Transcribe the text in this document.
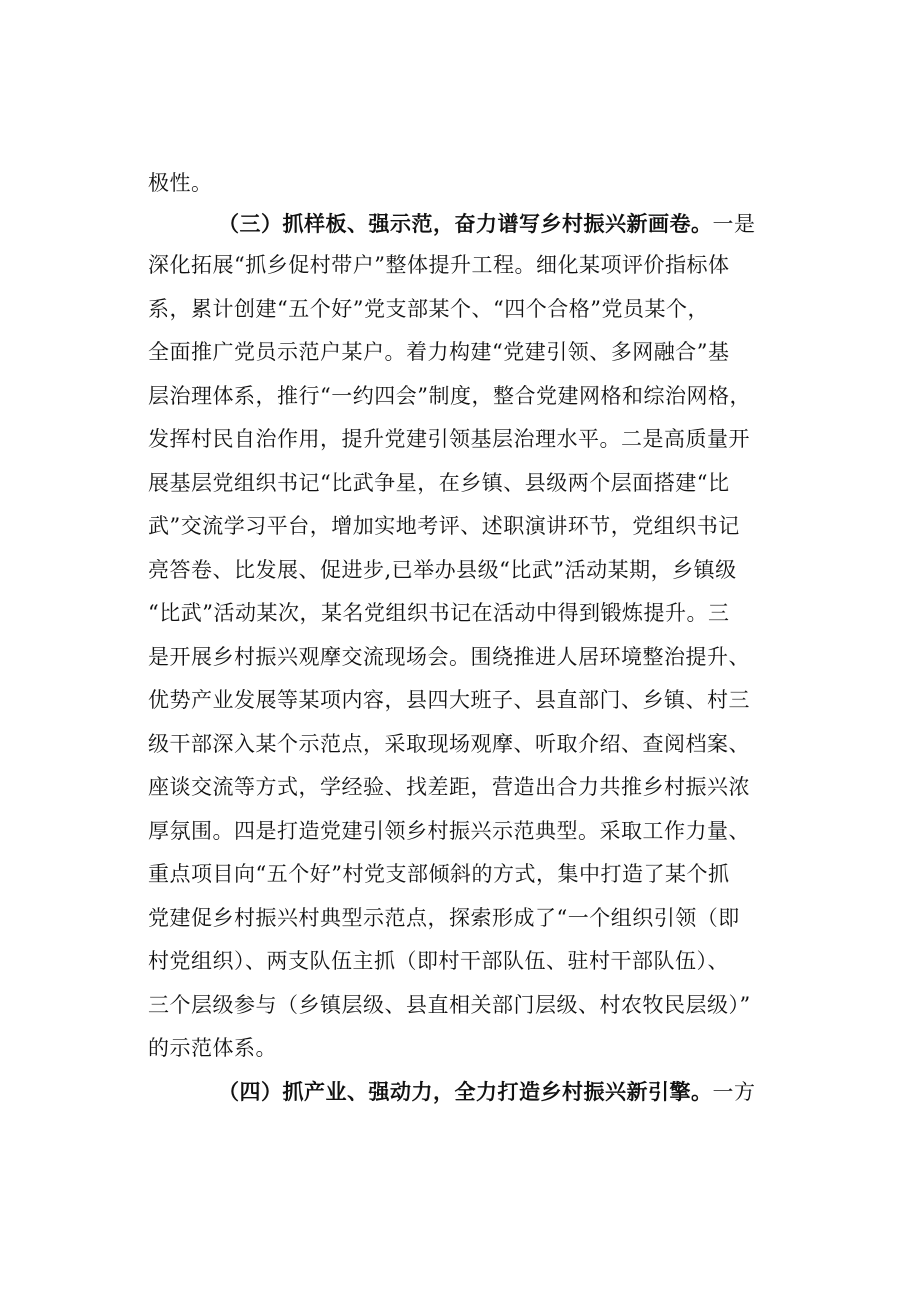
极性。
（三）抓样板、强示范，奋力谱写乡村振兴新画卷。一是
深化拓展“抓乡促村带户”整体提升工程。细化某项评价指标体
系，累计创建“五个好”党支部某个、“四个合格”党员某个，
全面推广党员示范户某户。着力构建“党建引领、多网融合”基
层治理体系，推行“一约四会”制度，整合党建网格和综治网格，
发挥村民自治作用，提升党建引领基层治理水平。二是高质量开
展基层党组织书记“比武争星，在乡镇、县级两个层面搭建“比
武”交流学习平台，增加实地考评、述职演讲环节，党组织书记
亮答卷、比发展、促进步,已举办县级“比武”活动某期，乡镇级
“比武”活动某次，某名党组织书记在活动中得到锻炼提升。三
是开展乡村振兴观摩交流现场会。围绕推进人居环境整治提升、
优势产业发展等某项内容，县四大班子、县直部门、乡镇、村三
级干部深入某个示范点，采取现场观摩、听取介绍、查阅档案、
座谈交流等方式，学经验、找差距，营造出合力共推乡村振兴浓
厚氛围。四是打造党建引领乡村振兴示范典型。采取工作力量、
重点项目向“五个好”村党支部倾斜的方式，集中打造了某个抓
党建促乡村振兴村典型示范点，探索形成了“一个组织引领（即
村党组织）、两支队伍主抓（即村干部队伍、驻村干部队伍）、
三个层级参与（乡镇层级、县直相关部门层级、村农牧民层级）”
的示范体系。
（四）抓产业、强动力，全力打造乡村振兴新引擎。一方
